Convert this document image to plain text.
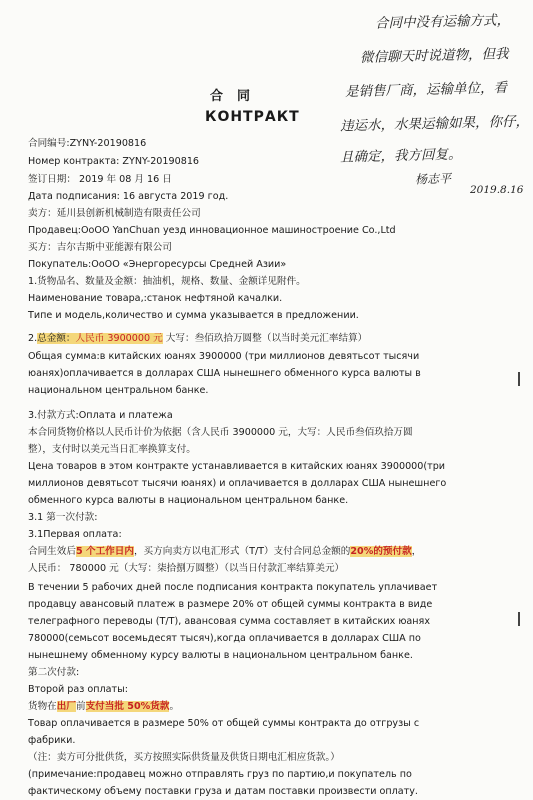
合同中没有运输方式，
微信聊天时说道物，但我
是销售厂商，运输单位，看
违运水，水果运输如果，你仔，
且确定，我方回复。
杨志平
2019.8.16
合同
КОНТРАКТ
合同编号:ZYNY-20190816
Номер контракта: ZYNY-20190816
签订日期： 2019 年 08 月 16 日
Дата подписания: 16 августа 2019 год.
卖方：延川县创新机械制造有限责任公司
Продавец:OoOO YanChuan уезд инновационное машиностроение Co.,Ltd
买方：吉尔吉斯中亚能源有限公司
Покупатель:OoOO «Энергоресурсы Средней Азии»
1.货物品名、数量及金额：抽油机，规格、数量、金额详见附件。
Наименование товара,:станок нефтяной качалки.
Типе и модель,количество и сумма указывается в предложении.
2.总金额：人民币 3900000 元 大写：叁佰玖拾万圆整（以当时美元汇率结算）
Общая сумма:в китайских юанях 3900000 (три миллионов девятьсот тысячи
юанях)оплачивается в долларах США нынешнего обменного курса валюты в
национальном центральном банке.
3.付款方式:Оплата и платежа
本合同货物价格以人民币计价为依据（含人民币 3900000 元，大写：人民币叁佰玖拾万圆
整），支付时以美元当日汇率换算支付。
Цена товаров в этом контракте устанавливается в китайских юанях 3900000(три
миллионов девятьсот тысячи юанях) и оплачивается в долларах США нынешнего
обменного курса валюты в национальном центральном банке.
3.1 第一次付款:
3.1Первая оплата:
合同生效后5 个工作日内，买方向卖方以电汇形式（T/T）支付合同总金额的20%的预付款，
人民币： 780000 元（大写：柒拾捌万圆整）（以当日付款汇率结算美元）
В течении 5 рабочих дней после подписания контракта покупатель уплачивает
продавцу авансовый платеж в размере 20% от общей суммы контракта в виде
телеграфного переводы (T/T), авансовая сумма составляет в китайских юанях
780000(семьсот восемьдесят тысяч),когда оплачивается в долларах США по
нынешнему обменному курсу валюты в национальном центральном банке.
第二次付款:
Второй раз оплаты:
货物在出厂前支付当批 50%货款。
Товар оплачивается в размере 50% от общей суммы контракта до отгрузы с
фабрики.
（注：卖方可分批供货，买方按照实际供货量及供货日期电汇相应货款。）
(примечание:продавец можно отправлять груз по партию,и покупатель по
фактическому объему поставки груза и датам поставки произвести оплату.
